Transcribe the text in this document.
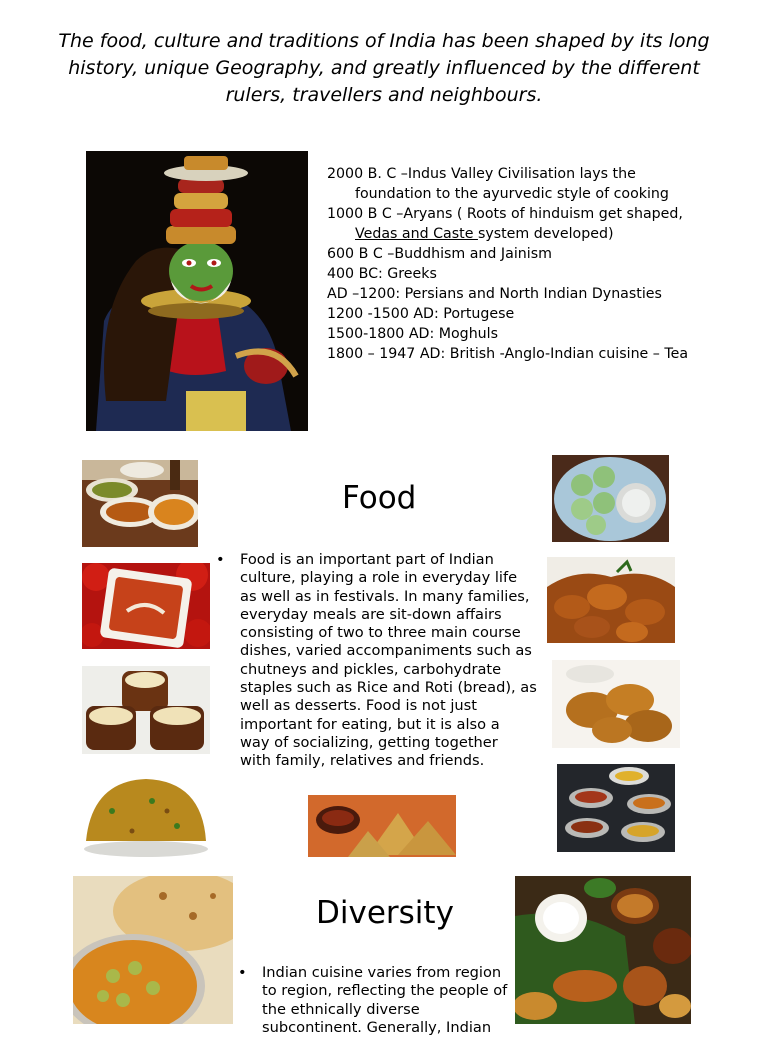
The food, culture and traditions of India has been shaped by its long history, unique Geography, and greatly influenced by the different rulers, travellers and neighbours.
2000 B. C –Indus Valley Civilisation lays the
foundation to the ayurvedic style of cooking
1000 B C –Aryans ( Roots of hinduism get shaped,
Vedas and Caste system developed)
600 B C –Buddhism and Jainism
400 BC: Greeks
AD –1200: Persians and North Indian Dynasties
1200 -1500 AD: Portugese
1500-1800 AD: Moghuls
1800 – 1947 AD: British -Anglo-Indian cuisine – Tea
Food
• Food is an important part of Indian
culture, playing a role in everyday life
as well as in festivals. In many families,
everyday meals are sit-down affairs
consisting of two to three main course
dishes, varied accompaniments such as
chutneys and pickles, carbohydrate
staples such as Rice and Roti (bread), as
well as desserts. Food is not just
important for eating, but it is also a
way of socializing, getting together
with family, relatives and friends.
Diversity
• Indian cuisine varies from region
to region, reflecting the people of
the ethnically diverse
subcontinent. Generally, Indian
